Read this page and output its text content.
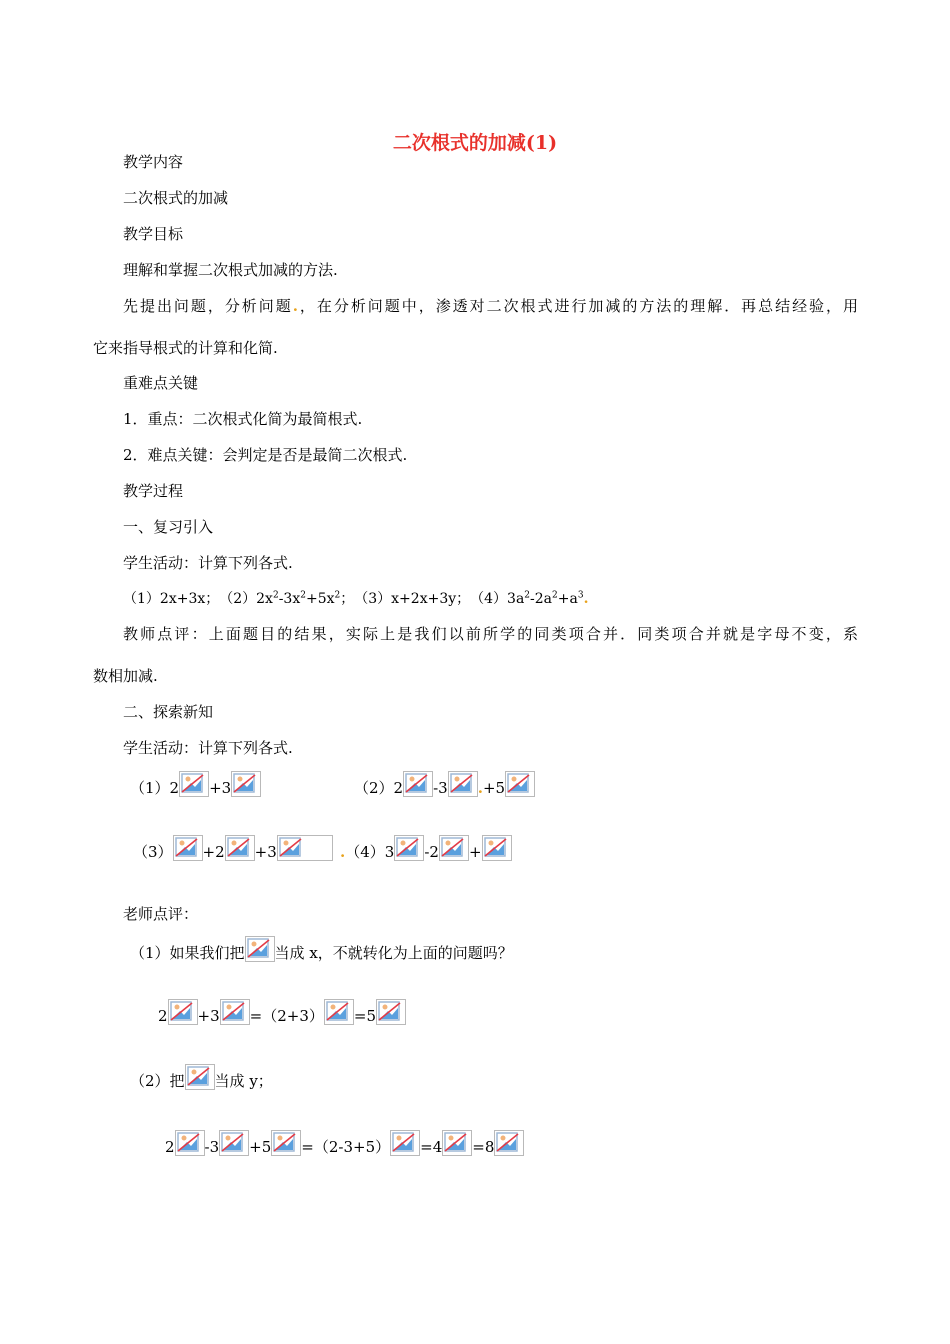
二次根式的加减(1)
教学内容
二次根式的加减
教学目标
理解和掌握二次根式加减的方法.
先提出问题，分析问题.，在分析问题中，渗透对二次根式进行加减的方法的理解．再总结经验，用
它来指导根式的计算和化简.
重难点关键
1．重点：二次根式化简为最简根式.
2．难点关键：会判定是否是最简二次根式.
教学过程
一、复习引入
学生活动：计算下列各式.
（1）2x+3x；　$(2)2x^2-3x^2+5x^2$；　（3）x+2x+3y；　$(4)3a^2-2a^2+a^3$.
教师点评：上面题目的结果，实际上是我们以前所学的同类项合并．同类项合并就是字母不变，系
数相加减.
二、探索新知
学生活动：计算下列各式.
（1）2 +3	（2）2 -3 .+5
（3） +2 +3	.（4）3 -2 +
老师点评：
（1）如果我们把 当成 x，不就转化为上面的问题吗？
2 +3 =（2+3） =5
（2）把 当成 y；
2 -3 +5 =（2-3+5） =4 =8
